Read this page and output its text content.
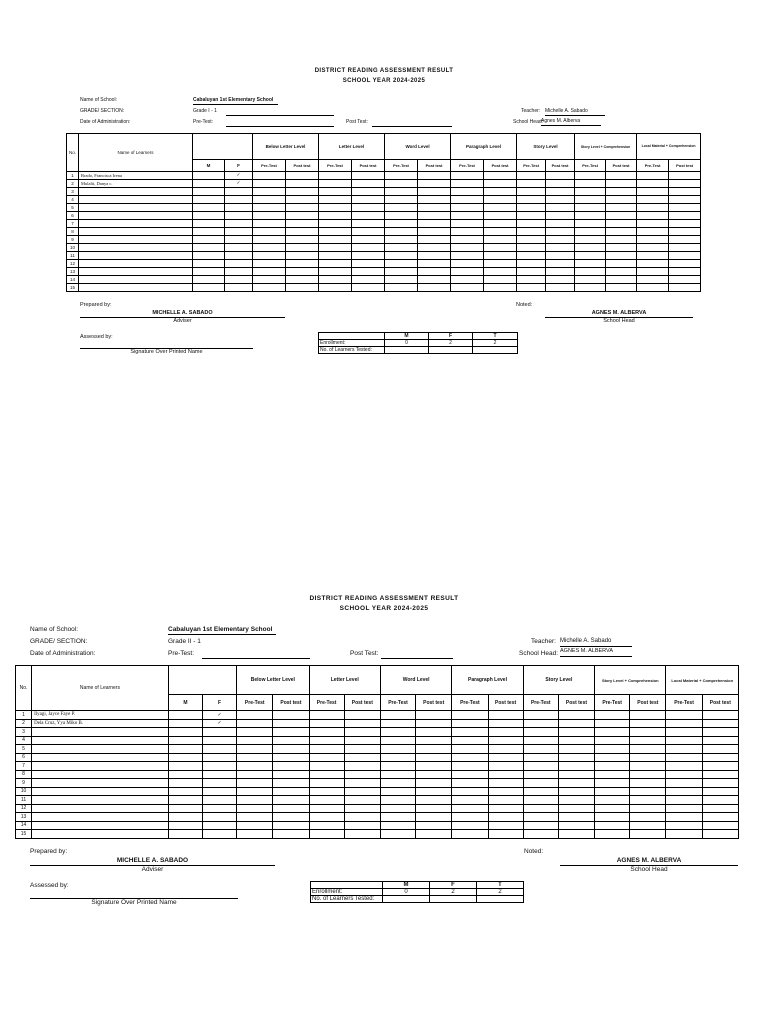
DISTRICT READING ASSESSMENT RESULT
SCHOOL YEAR 2024-2025
Name of School:	Cabaluyan 1st Elementary School
GRADE/ SECTION:	Grade I - 1	Teacher: Michelle A. Sabado
Date of Administration:	Pre-Test:	Post Test:	School Head:
Agnes M. Alberva
No.	Name of Learners			Below Letter Level		Letter Level		Word Level		Paragraph Level		Story Level		Story Level + Comprehension		Local Material + Comprehension	
		M	F	Pre-Test	Post test	Pre-Test	Post test	Pre-Test	Post test	Pre-Test	Post test	Pre-Test	Post test	Pre-Test	Post test	Pre-Test	Post test
1	Brado, Francisca Irena		✓														
2	Mulalit, Danya c.		✓														
3																	
4																	
5																	
6																	
7																	
8																	
9																	
10																	
11																	
12																	
13																	
14																	
15																	
Prepared by:
MICHELLE A. SABADO
Adviser
Noted:
AGNES M. ALBERVA
School Head
Assessed by:
Signature Over Printed Name
	M	F	T
Enrollment:	0	2	2
No. of Learners Tested:			
DISTRICT READING ASSESSMENT RESULT
SCHOOL YEAR 2024-2025
Name of School:	Cabaluyan 1st Elementary School
GRADE/ SECTION:	Grade II - 1	Teacher: Michelle A. Sabado
Date of Administration:	Pre-Test:	Post Test:	School Head: AGNES M. ALBERVA
No.	Name of Learners			Below Letter Level		Letter Level		Word Level		Paragraph Level		Story Level		Story Level + Comprehension		Local Material + Comprehension	
		M	F	Pre-Test	Post test	Pre-Test	Post test	Pre-Test	Post test	Pre-Test	Post test	Pre-Test	Post test	Pre-Test	Post test	Pre-Test	Post test
1	Ilyagi, Jayce Faye P.		✓														
2	Dela Cruz, Yya Miko B.		✓														
3																	
4																	
5																	
6																	
7																	
8																	
9																	
10																	
11																	
12																	
13																	
14																	
15																	
Prepared by:
MICHELLE A. SABADO
Adviser
Noted:
AGNES M. ALBERVA
School Head
Assessed by:
Signature Over Printed Name
	M	F	T
Enrollment:	0	2	2
No. of Learners Tested:			
